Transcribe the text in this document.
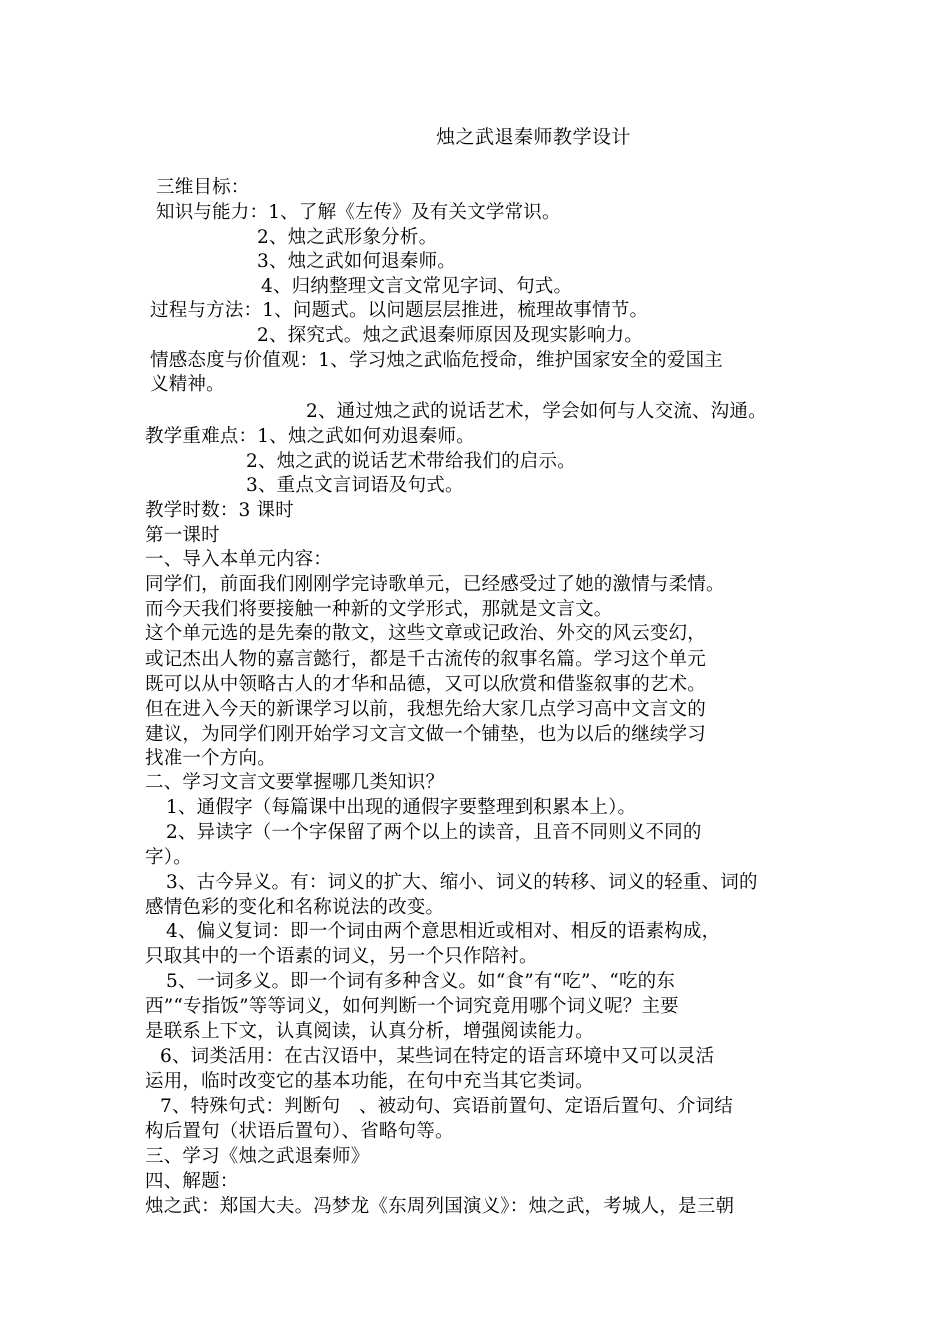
烛之武退秦师教学设计
三维目标：
知识与能力：1、了解《左传》及有关文学常识。
2、烛之武形象分析。
3、烛之武如何退秦师。
4、归纳整理文言文常见字词、句式。
过程与方法：1、问题式。以问题层层推进，梳理故事情节。
2、探究式。烛之武退秦师原因及现实影响力。
情感态度与价值观：1、学习烛之武临危授命，维护国家安全的爱国主
义精神。
2、通过烛之武的说话艺术，学会如何与人交流、沟通。
教学重难点：1、烛之武如何劝退秦师。
2、烛之武的说话艺术带给我们的启示。
3、重点文言词语及句式。
教学时数：3 课时
第一课时
一、导入本单元内容：
同学们，前面我们刚刚学完诗歌单元，已经感受过了她的激情与柔情。
而今天我们将要接触一种新的文学形式，那就是文言文。
这个单元选的是先秦的散文，这些文章或记政治、外交的风云变幻，
或记杰出人物的嘉言懿行，都是千古流传的叙事名篇。学习这个单元
既可以从中领略古人的才华和品德，又可以欣赏和借鉴叙事的艺术。
但在进入今天的新课学习以前，我想先给大家几点学习高中文言文的
建议，为同学们刚开始学习文言文做一个铺垫，也为以后的继续学习
找准一个方向。
二、学习文言文要掌握哪几类知识？
1、通假字（每篇课中出现的通假字要整理到积累本上）。
2、异读字（一个字保留了两个以上的读音，且音不同则义不同的
字）。
3、古今异义。有：词义的扩大、缩小、词义的转移、词义的轻重、词的
感情色彩的变化和名称说法的改变。
4、偏义复词：即一个词由两个意思相近或相对、相反的语素构成，
只取其中的一个语素的词义，另一个只作陪衬。
5、一词多义。即一个词有多种含义。如“食”有“吃”、“吃的东
西”“专指饭”等等词义，如何判断一个词究竟用哪个词义呢？主要
是联系上下文，认真阅读，认真分析，增强阅读能力。
6、词类活用：在古汉语中，某些词在特定的语言环境中又可以灵活
运用，临时改变它的基本功能，在句中充当其它类词。
7、特殊句式：判断句　、被动句、宾语前置句、定语后置句、介词结
构后置句（状语后置句）、省略句等。
三、学习《烛之武退秦师》
四、解题：
烛之武：郑国大夫。冯梦龙《东周列国演义》：烛之武，考城人，是三朝
